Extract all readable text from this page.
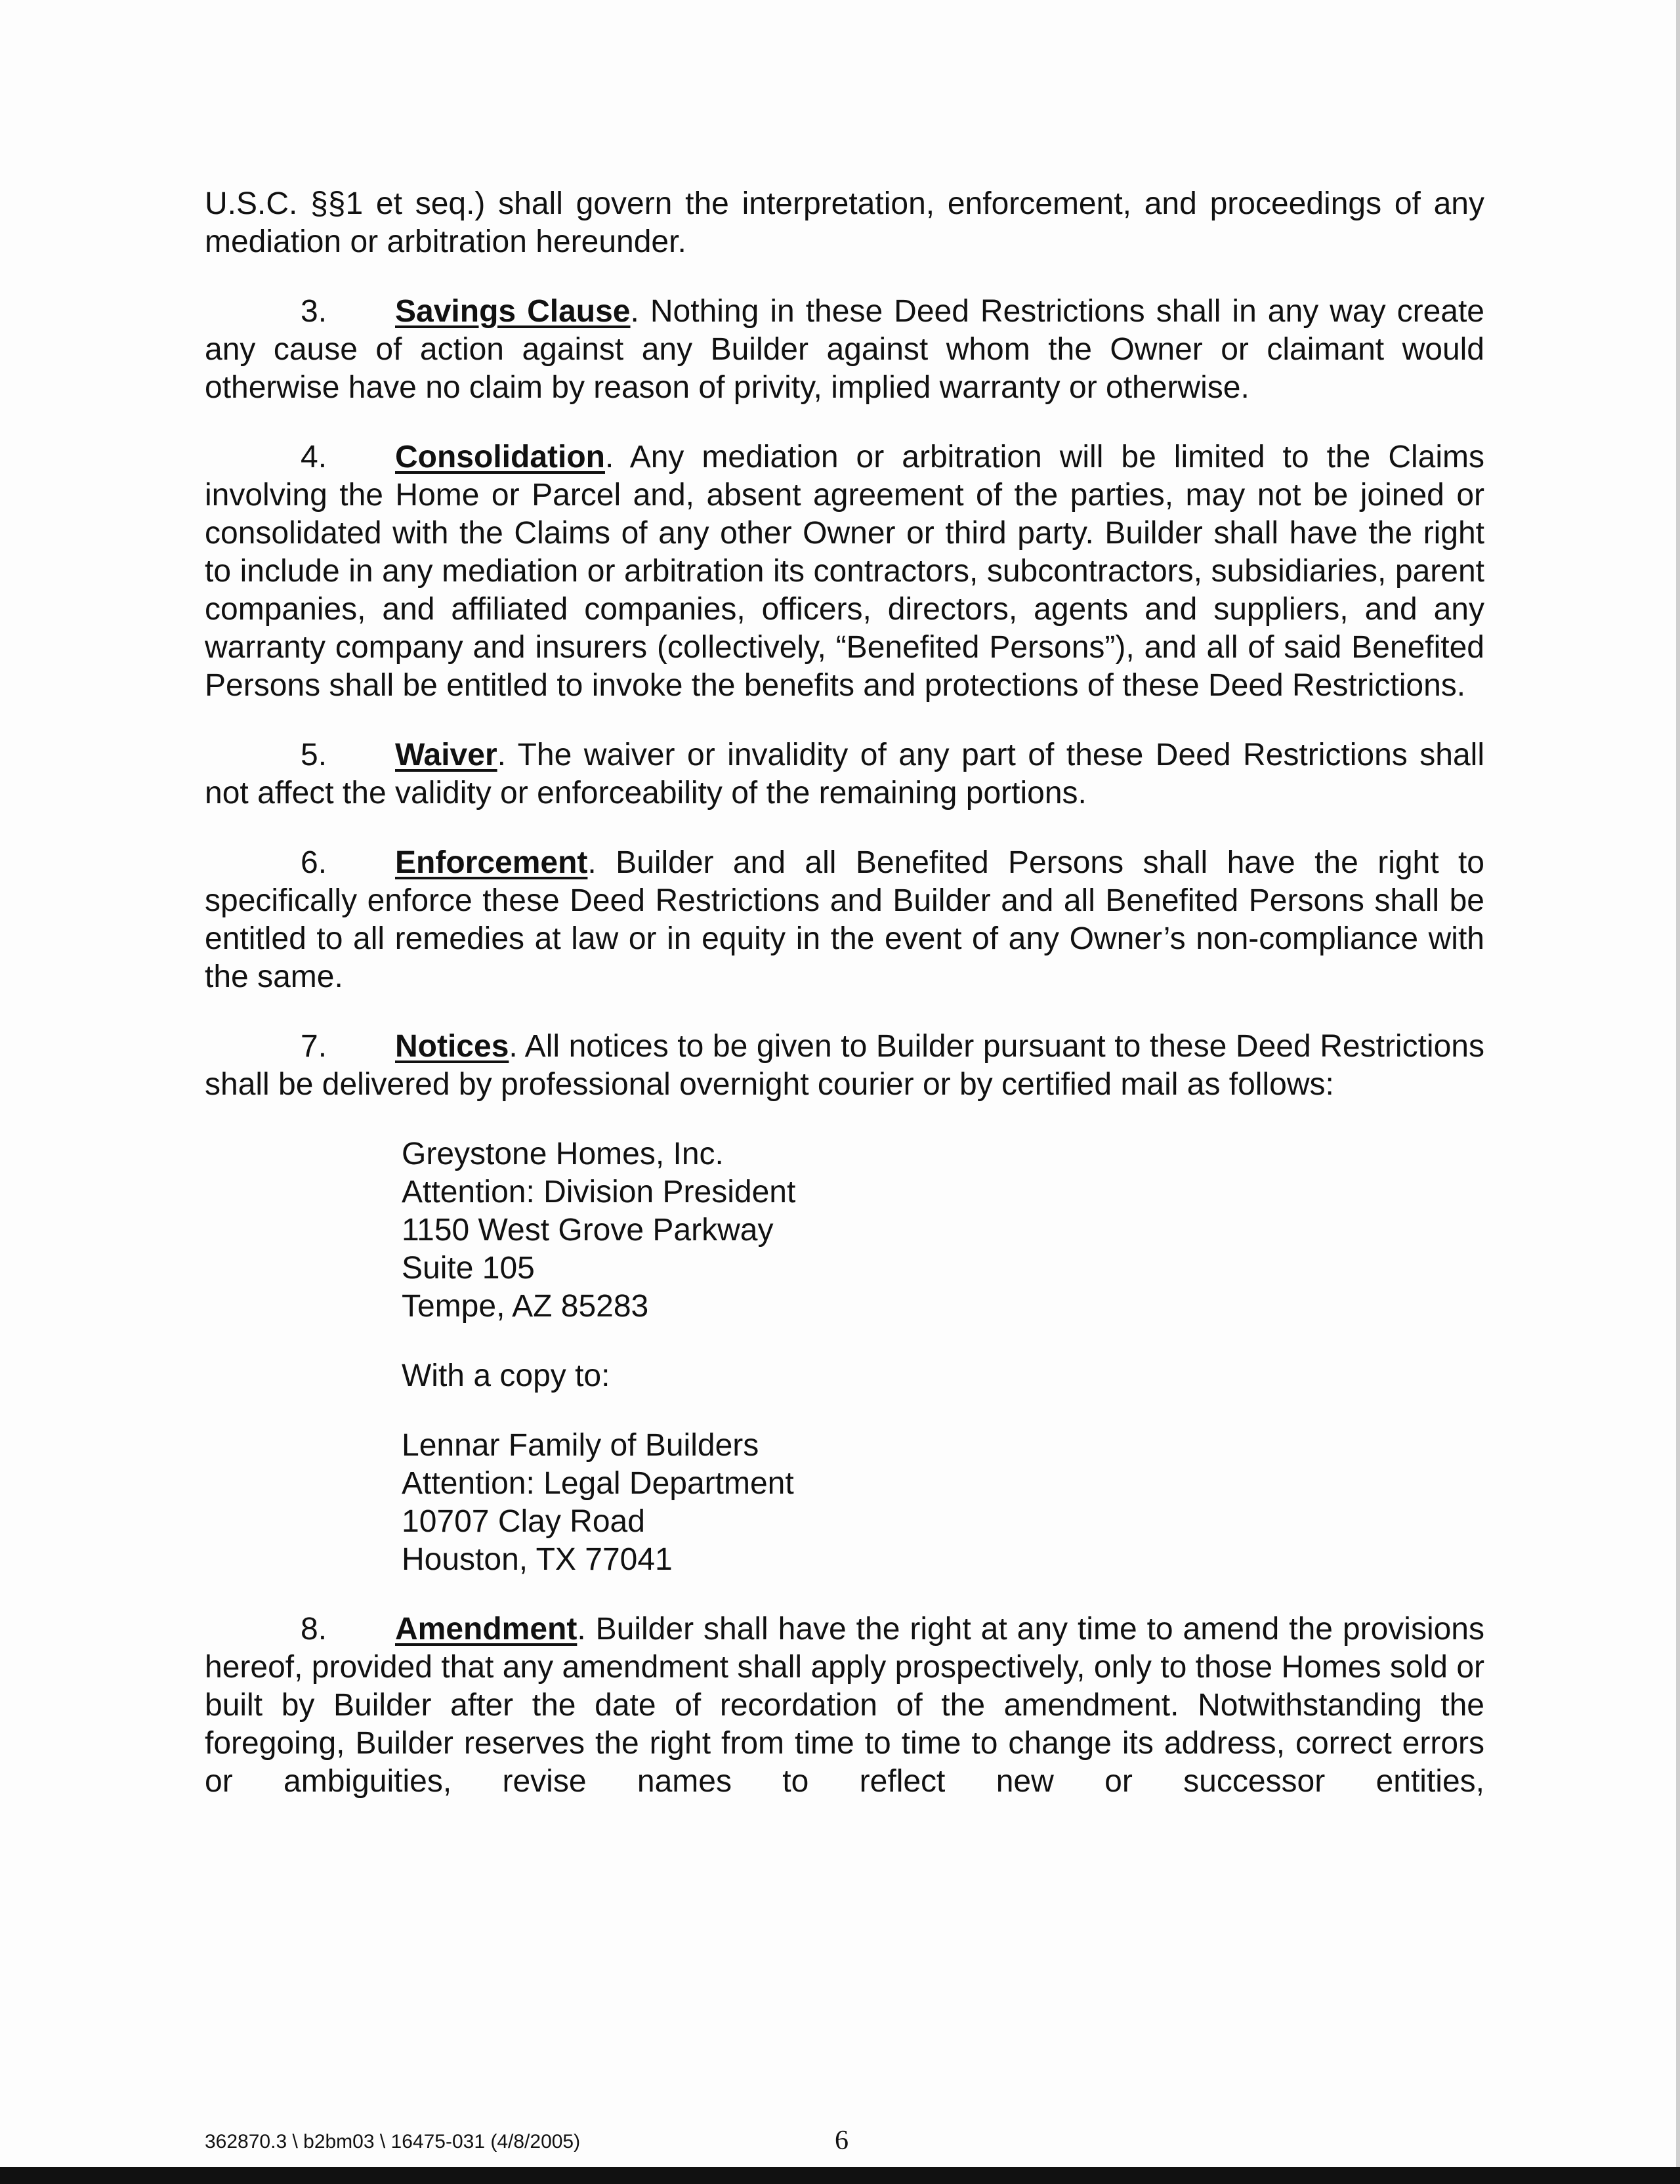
U.S.C. §§1 et seq.) shall govern the interpretation, enforcement, and proceedings of any mediation or arbitration hereunder.

3. Savings Clause. Nothing in these Deed Restrictions shall in any way create any cause of action against any Builder against whom the Owner or claimant would otherwise have no claim by reason of privity, implied warranty or otherwise.

4. Consolidation. Any mediation or arbitration will be limited to the Claims involving the Home or Parcel and, absent agreement of the parties, may not be joined or consolidated with the Claims of any other Owner or third party. Builder shall have the right to include in any mediation or arbitration its contractors, subcontractors, subsidiaries, parent companies, and affiliated companies, officers, directors, agents and suppliers, and any warranty company and insurers (collectively, “Benefited Persons”), and all of said Benefited Persons shall be entitled to invoke the benefits and protections of these Deed Restrictions.

5. Waiver. The waiver or invalidity of any part of these Deed Restrictions shall not affect the validity or enforceability of the remaining portions.

6. Enforcement. Builder and all Benefited Persons shall have the right to specifically enforce these Deed Restrictions and Builder and all Benefited Persons shall be entitled to all remedies at law or in equity in the event of any Owner’s non-compliance with the same.

7. Notices. All notices to be given to Builder pursuant to these Deed Restrictions shall be delivered by professional overnight courier or by certified mail as follows:

Greystone Homes, Inc.
Attention: Division President
1150 West Grove Parkway
Suite 105
Tempe, AZ 85283
With a copy to:
Lennar Family of Builders
Attention: Legal Department
10707 Clay Road
Houston, TX 77041

8. Amendment. Builder shall have the right at any time to amend the provisions hereof, provided that any amendment shall apply prospectively, only to those Homes sold or built by Builder after the date of recordation of the amendment. Notwithstanding the foregoing, Builder reserves the right from time to time to change its address, correct errors or ambiguities, revise names to reflect new or successor entities,

362870.3 \ b2bm03 \ 16475-031 (4/8/2005)	6
